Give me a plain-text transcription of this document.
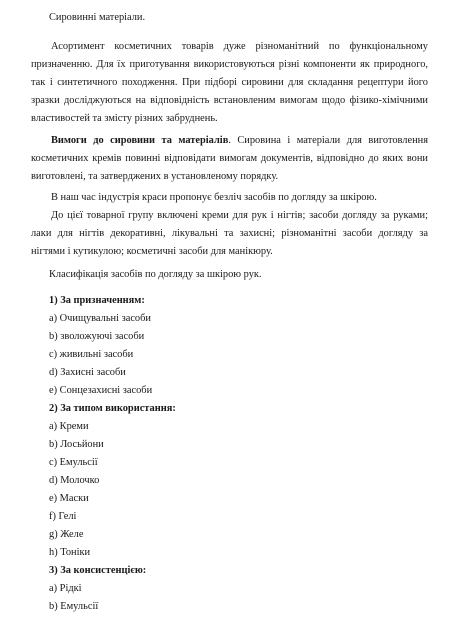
Сировинні матеріали.

Асортимент косметичних товарів дуже різноманітний по функціональному призначенню. Для їх приготування використовуються різні компоненти як природного, так і синтетичного походження. При підборі сировини для складання рецептури його зразки досліджуються на відповідність встановленим вимогам щодо фізико-хімічними властивостей та змісту різних забруднень.

Вимоги до сировини та матеріалів. Сировина і матеріали для виготовлення косметичних кремів повинні відповідати вимогам документів, відповідно до яких вони виготовлені, та затверджених в установленому порядку.

В наш час індустрія краси пропонує безліч засобів по догляду за шкірою.

До цієї товарної групу включені креми для рук і нігтів; засоби догляду за руками; лаки для нігтів декоративні, лікувальні та захисні; різноманітні засоби догляду за нігтями і кутикулою; косметичні засоби для манікюру.

Класифікація засобів по догляду за шкірою рук.
1) За призначенням:
a) Очищувальні засоби
b) зволожуючі засоби
c) живильні засоби
d) Захисні засоби
e) Сонцезахисні засоби
2) За типом використання:
a) Креми
b) Лосьйони
c) Емульсії
d) Молочко
e) Маски
f) Гелі
g) Желе
h) Тоніки
3) За консистенцією:
a) Рідкі
b) Емульсії
